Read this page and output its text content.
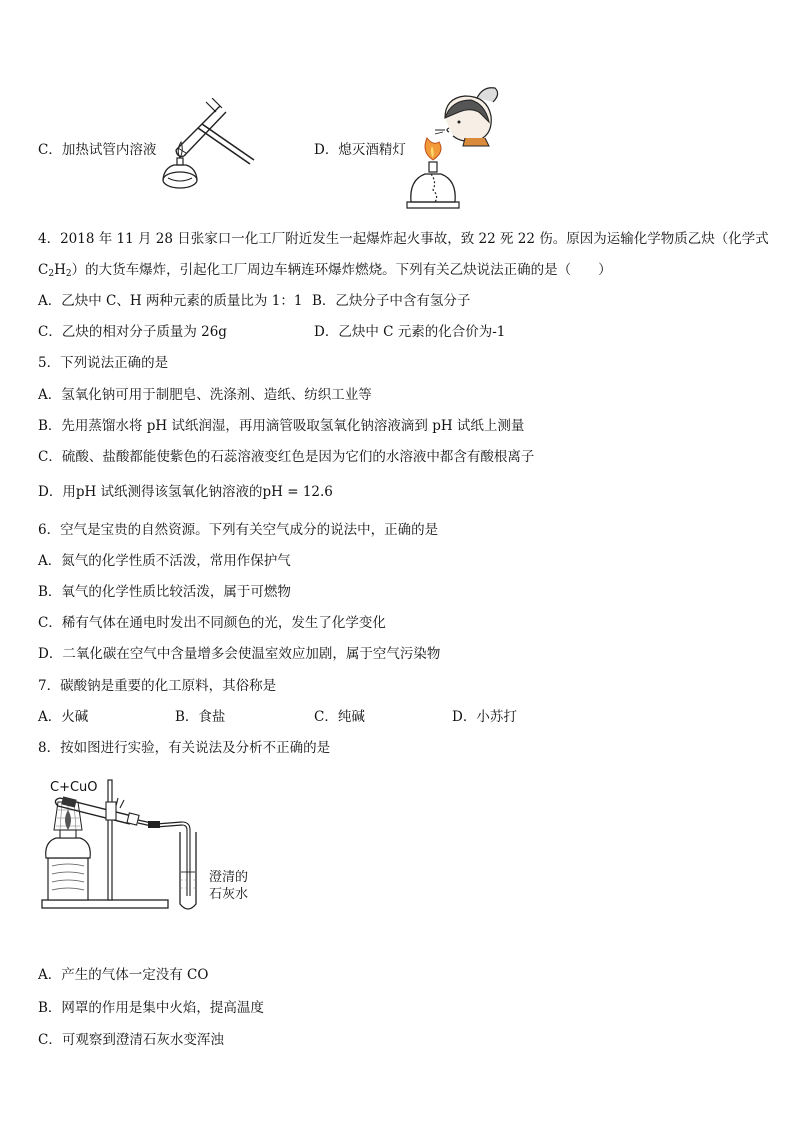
C．加热试管内溶液	D．熄灭酒精灯
4．2018 年 11 月 28 日张家口一化工厂附近发生一起爆炸起火事故，致 22 死 22 伤。原因为运输化学物质乙炔（化学式
$C_2H_2$）的大货车爆炸，引起化工厂周边车辆连环爆炸燃烧。下列有关乙炔说法正确的是（　　）
A．乙炔中 C、H 两种元素的质量比为 1：1 B．乙炔分子中含有氢分子
C．乙炔的相对分子质量为 26g	D．乙炔中 C 元素的化合价为-1
5．下列说法正确的是
A．氢氧化钠可用于制肥皂、洗涤剂、造纸、纺织工业等
B．先用蒸馏水将 pH 试纸润湿，再用滴管吸取氢氧化钠溶液滴到 pH 试纸上测量
C．硫酸、盐酸都能使紫色的石蕊溶液变红色是因为它们的水溶液中都含有酸根离子
D．用pH 试纸测得该氢氧化钠溶液的pH = 12.6
6．空气是宝贵的自然资源。下列有关空气成分的说法中，正确的是
A．氮气的化学性质不活泼，常用作保护气
B．氧气的化学性质比较活泼，属于可燃物
C．稀有气体在通电时发出不同颜色的光，发生了化学变化
D．二氧化碳在空气中含量增多会使温室效应加剧，属于空气污染物
7．碳酸钠是重要的化工原料，其俗称是
A．火碱	B．食盐	C．纯碱	D．小苏打
8．按如图进行实验，有关说法及分析不正确的是
C+CuO
澄清的
石灰水
A．产生的气体一定没有 CO
B．网罩的作用是集中火焰，提高温度
C．可观察到澄清石灰水变浑浊
